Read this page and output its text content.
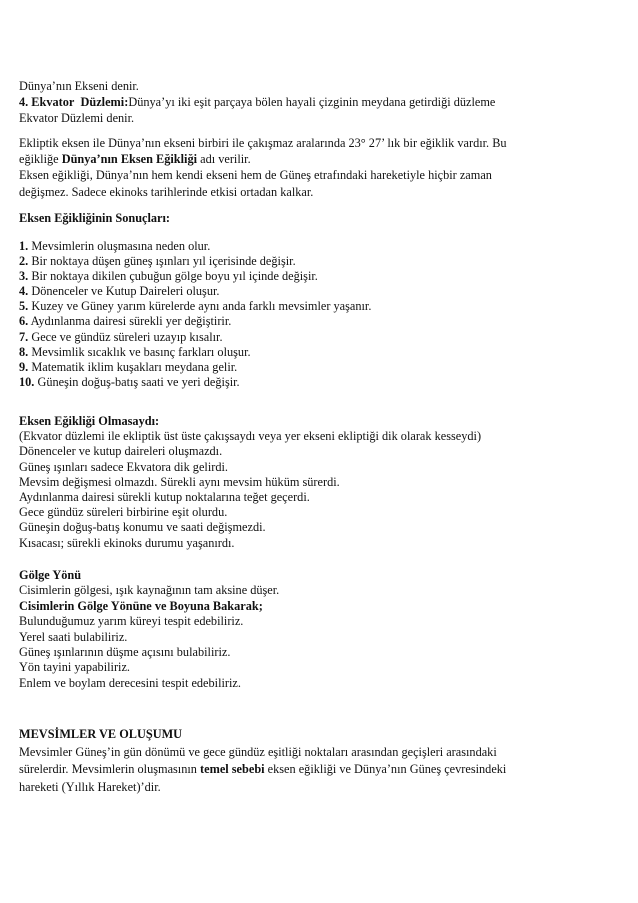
Dünya’nın Ekseni denir.
4. Ekvator Düzlemi:Dünya’yı iki eşit parçaya bölen hayali çizginin meydana getirdiği düzleme
Ekvator Düzlemi denir.
Ekliptik eksen ile Dünya’nın ekseni birbiri ile çakışmaz aralarında 23° 27’ lık bir eğiklik vardır. Bu
eğikliğe Dünya’nın Eksen Eğikliği adı verilir.
Eksen eğikliği, Dünya’nın hem kendi ekseni hem de Güneş etrafındaki hareketiyle hiçbir zaman
değişmez. Sadece ekinoks tarihlerinde etkisi ortadan kalkar.
Eksen Eğikliğinin Sonuçları:
1. Mevsimlerin oluşmasına neden olur.
2. Bir noktaya düşen güneş ışınları yıl içerisinde değişir.
3. Bir noktaya dikilen çubuğun gölge boyu yıl içinde değişir.
4. Dönenceler ve Kutup Daireleri oluşur.
5. Kuzey ve Güney yarım kürelerde aynı anda farklı mevsimler yaşanır.
6. Aydınlanma dairesi sürekli yer değiştirir.
7. Gece ve gündüz süreleri uzayıp kısalır.
8. Mevsimlik sıcaklık ve basınç farkları oluşur.
9. Matematik iklim kuşakları meydana gelir.
10. Güneşin doğuş-batış saati ve yeri değişir.
Eksen Eğikliği Olmasaydı:
(Ekvator düzlemi ile ekliptik üst üste çakışsaydı veya yer ekseni ekliptiği dik olarak kesseydi)
Dönenceler ve kutup daireleri oluşmazdı.
Güneş ışınları sadece Ekvatora dik gelirdi.
Mevsim değişmesi olmazdı. Sürekli aynı mevsim hüküm sürerdi.
Aydınlanma dairesi sürekli kutup noktalarına teğet geçerdi.
Gece gündüz süreleri birbirine eşit olurdu.
Güneşin doğuş-batış konumu ve saati değişmezdi.
Kısacası; sürekli ekinoks durumu yaşanırdı.
Gölge Yönü
Cisimlerin gölgesi, ışık kaynağının tam aksine düşer.
Cisimlerin Gölge Yönüne ve Boyuna Bakarak;
Bulunduğumuz yarım küreyi tespit edebiliriz.
Yerel saati bulabiliriz.
Güneş ışınlarının düşme açısını bulabiliriz.
Yön tayini yapabiliriz.
Enlem ve boylam derecesini tespit edebiliriz.
MEVSİMLER VE OLUŞUMU
Mevsimler Güneş’in gün dönümü ve gece gündüz eşitliği noktaları arasından geçişleri arasındaki
sürelerdir. Mevsimlerin oluşmasının temel sebebi eksen eğikliği ve Dünya’nın Güneş çevresindeki
hareketi (Yıllık Hareket)’dir.
